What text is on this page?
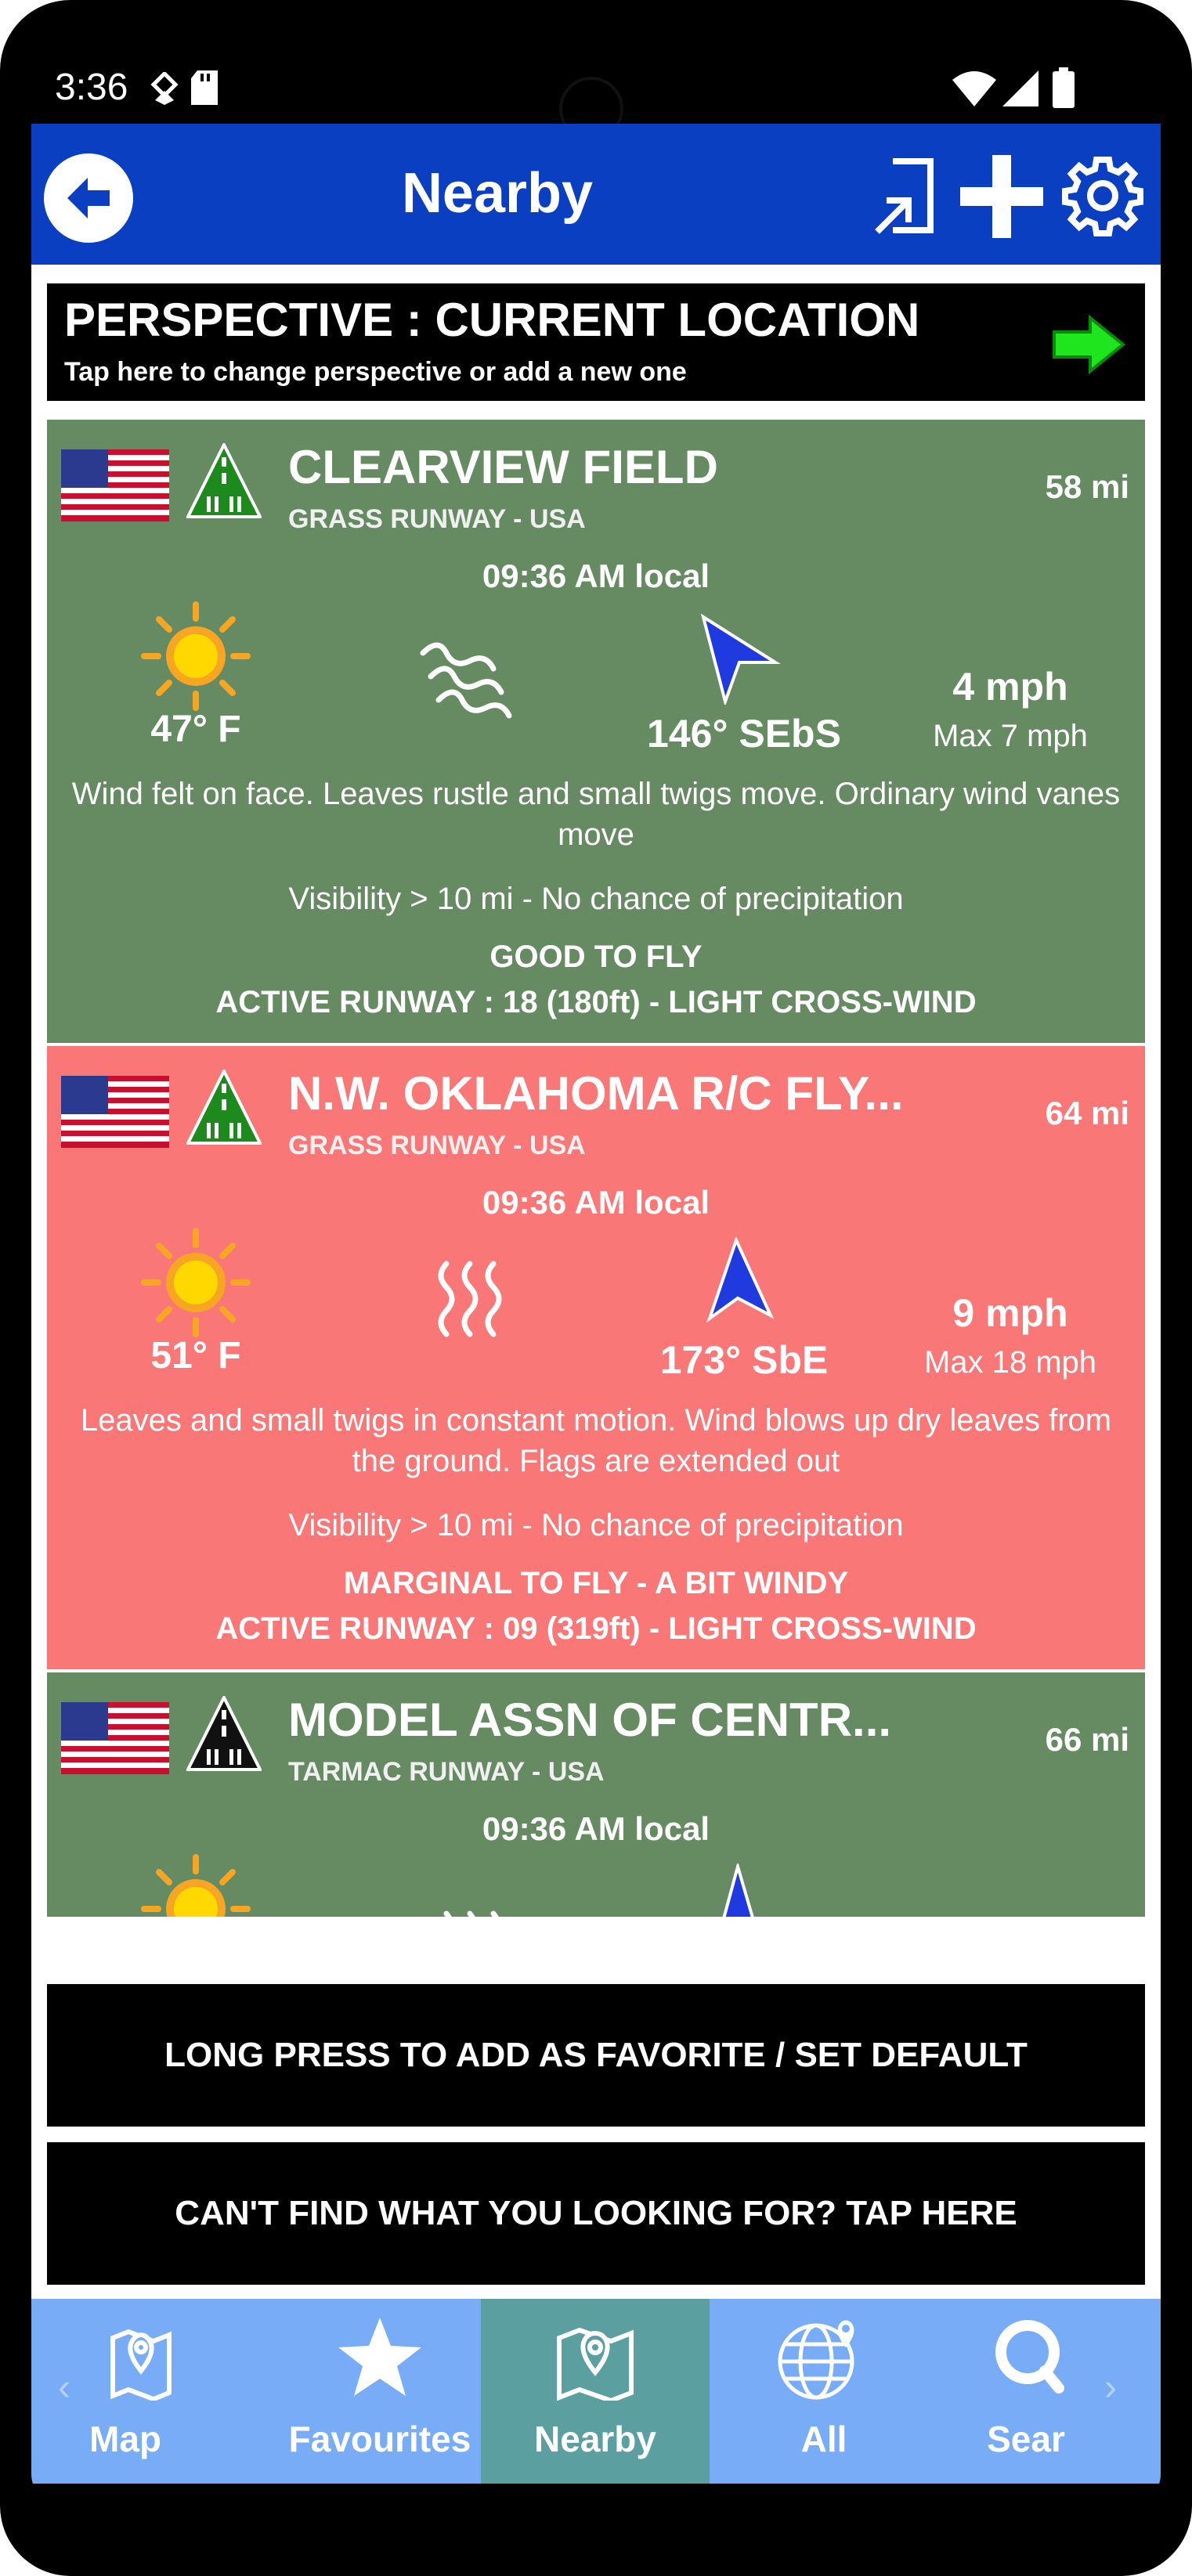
3:36
Nearby
PERSPECTIVE : CURRENT LOCATION
Tap here to change perspective or add a new one
CLEARVIEW FIELD
GRASS RUNWAY - USA
58 mi
09:36 AM local
47° F	146° SEbS
4 mph
Max 7 mph
Wind felt on face. Leaves rustle and small twigs move. Ordinary wind vanes move
Visibility > 10 mi - No chance of precipitation
GOOD TO FLY
ACTIVE RUNWAY : 18 (180ft) - LIGHT CROSS-WIND
N.W. OKLAHOMA R/C FLY...
GRASS RUNWAY - USA
64 mi
09:36 AM local
51° F	173° SbE
9 mph
Max 18 mph
Leaves and small twigs in constant motion. Wind blows up dry leaves from the ground. Flags are extended out
Visibility > 10 mi - No chance of precipitation
MARGINAL TO FLY - A BIT WINDY
ACTIVE RUNWAY : 09 (319ft) - LIGHT CROSS-WIND
MODEL ASSN OF CENTR...
TARMAC RUNWAY - USA
66 mi
09:36 AM local
LONG PRESS TO ADD AS FAVORITE / SET DEFAULT
CAN'T FIND WHAT YOU LOOKING FOR? TAP HERE
‹
Map	Favourites	Nearby	All	Sear
›
